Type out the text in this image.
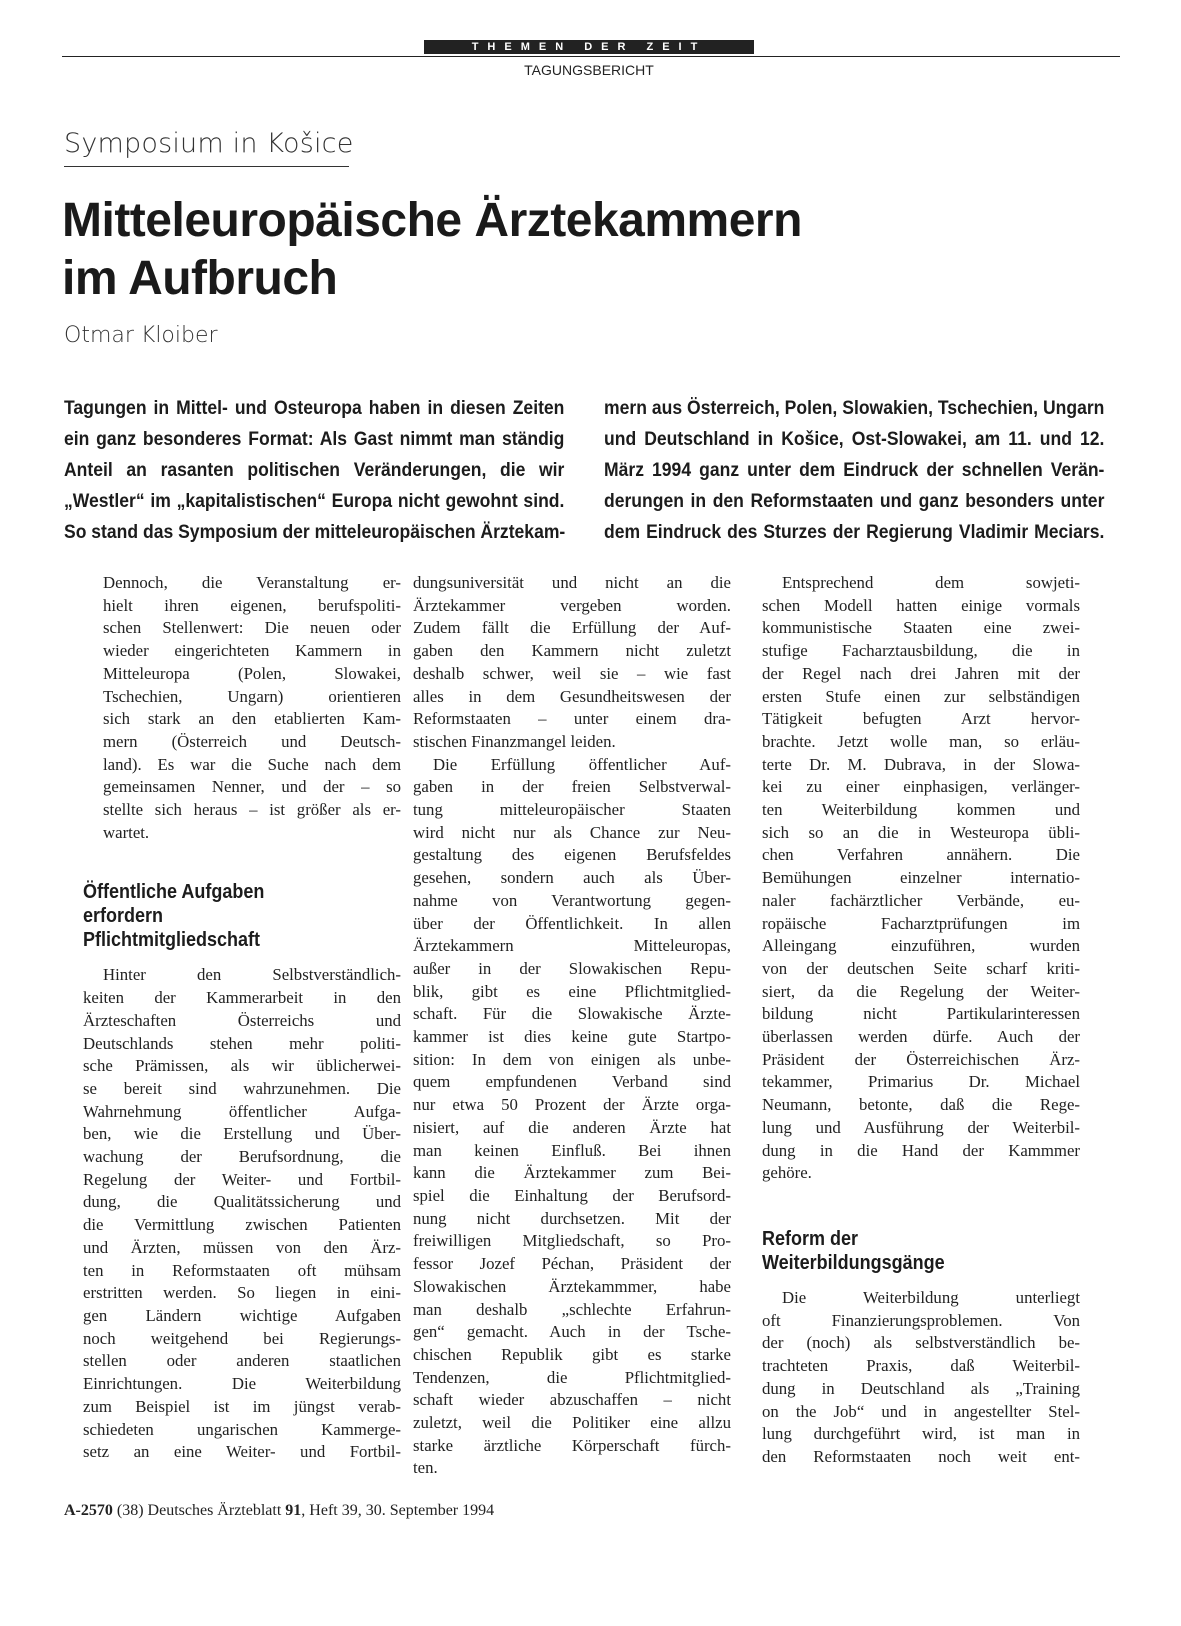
THEMEN DER ZEIT
TAGUNGSBERICHT
Symposium in Košice
Mitteleuropäische Ärztekammern
im Aufbruch
Otmar Kloiber
Tagungen in Mittel- und Osteuropa haben in diesen Zeiten
ein ganz besonderes Format: Als Gast nimmt man ständig
Anteil an rasanten politischen Veränderungen, die wir
„Westler“ im „kapitalistischen“ Europa nicht gewohnt sind.
So stand das Symposium der mitteleuropäischen Ärztekam-
mern aus Österreich, Polen, Slowakien, Tschechien, Ungarn
und Deutschland in Košice, Ost-Slowakei, am 11. und 12.
März 1994 ganz unter dem Eindruck der schnellen Verän-
derungen in den Reformstaaten und ganz besonders unter
dem Eindruck des Sturzes der Regierung Vladimir Meciars.

Dennoch, die Veranstaltung er-
hielt ihren eigenen, berufspoliti-
schen Stellenwert: Die neuen oder
wieder eingerichteten Kammern in
Mitteleuropa (Polen, Slowakei,
Tschechien, Ungarn) orientieren
sich stark an den etablierten Kam-
mern (Österreich und Deutsch-
land). Es war die Suche nach dem
gemeinsamen Nenner, und der – so
stellte sich heraus – ist größer als er-
wartet.

Öffentliche Aufgaben
erfordern
Pflichtmitgliedschaft

Hinter den Selbstverständlich-
keiten der Kammerarbeit in den
Ärzteschaften Österreichs und
Deutschlands stehen mehr politi-
sche Prämissen, als wir üblicherwei-
se bereit sind wahrzunehmen. Die
Wahrnehmung öffentlicher Aufga-
ben, wie die Erstellung und Über-
wachung der Berufsordnung, die
Regelung der Weiter- und Fortbil-
dung, die Qualitätssicherung und
die Vermittlung zwischen Patienten
und Ärzten, müssen von den Ärz-
ten in Reformstaaten oft mühsam
erstritten werden. So liegen in eini-
gen Ländern wichtige Aufgaben
noch weitgehend bei Regierungs-
stellen oder anderen staatlichen
Einrichtungen. Die Weiterbildung
zum Beispiel ist im jüngst verab-
schiedeten ungarischen Kammerge-
setz an eine Weiter- und Fortbil-

dungsuniversität und nicht an die
Ärztekammer vergeben worden.
Zudem fällt die Erfüllung der Auf-
gaben den Kammern nicht zuletzt
deshalb schwer, weil sie – wie fast
alles in dem Gesundheitswesen der
Reformstaaten – unter einem dra-
stischen Finanzmangel leiden.

Die Erfüllung öffentlicher Auf-
gaben in der freien Selbstverwal-
tung mitteleuropäischer Staaten
wird nicht nur als Chance zur Neu-
gestaltung des eigenen Berufsfeldes
gesehen, sondern auch als Über-
nahme von Verantwortung gegen-
über der Öffentlichkeit. In allen
Ärztekammern Mitteleuropas,
außer in der Slowakischen Repu-
blik, gibt es eine Pflichtmitglied-
schaft. Für die Slowakische Ärzte-
kammer ist dies keine gute Startpo-
sition: In dem von einigen als unbe-
quem empfundenen Verband sind
nur etwa 50 Prozent der Ärzte orga-
nisiert, auf die anderen Ärzte hat
man keinen Einfluß. Bei ihnen
kann die Ärztekammer zum Bei-
spiel die Einhaltung der Berufsord-
nung nicht durchsetzen. Mit der
freiwilligen Mitgliedschaft, so Pro-
fessor Jozef Péchan, Präsident der
Slowakischen Ärztekammmer, habe
man deshalb „schlechte Erfahrun-
gen“ gemacht. Auch in der Tsche-
chischen Republik gibt es starke
Tendenzen, die Pflichtmitglied-
schaft wieder abzuschaffen – nicht
zuletzt, weil die Politiker eine allzu
starke ärztliche Körperschaft fürch-
ten.

Entsprechend dem sowjeti-
schen Modell hatten einige vormals
kommunistische Staaten eine zwei-
stufige Facharztausbildung, die in
der Regel nach drei Jahren mit der
ersten Stufe einen zur selbständigen
Tätigkeit befugten Arzt hervor-
brachte. Jetzt wolle man, so erläu-
terte Dr. M. Dubrava, in der Slowa-
kei zu einer einphasigen, verlänger-
ten Weiterbildung kommen und
sich so an die in Westeuropa übli-
chen Verfahren annähern. Die
Bemühungen einzelner internatio-
naler fachärztlicher Verbände, eu-
ropäische Facharztprüfungen im
Alleingang einzuführen, wurden
von der deutschen Seite scharf kriti-
siert, da die Regelung der Weiter-
bildung nicht Partikularinteressen
überlassen werden dürfe. Auch der
Präsident der Österreichischen Ärz-
tekammer, Primarius Dr. Michael
Neumann, betonte, daß die Rege-
lung und Ausführung der Weiterbil-
dung in die Hand der Kammmer
gehöre.

Reform der
Weiterbildungsgänge

Die Weiterbildung unterliegt
oft Finanzierungsproblemen. Von
der (noch) als selbstverständlich be-
trachteten Praxis, daß Weiterbil-
dung in Deutschland als „Training
on the Job“ und in angestellter Stel-
lung durchgeführt wird, ist man in
den Reformstaaten noch weit ent-

A-2570 (38) Deutsches Ärzteblatt 91, Heft 39, 30. September 1994
